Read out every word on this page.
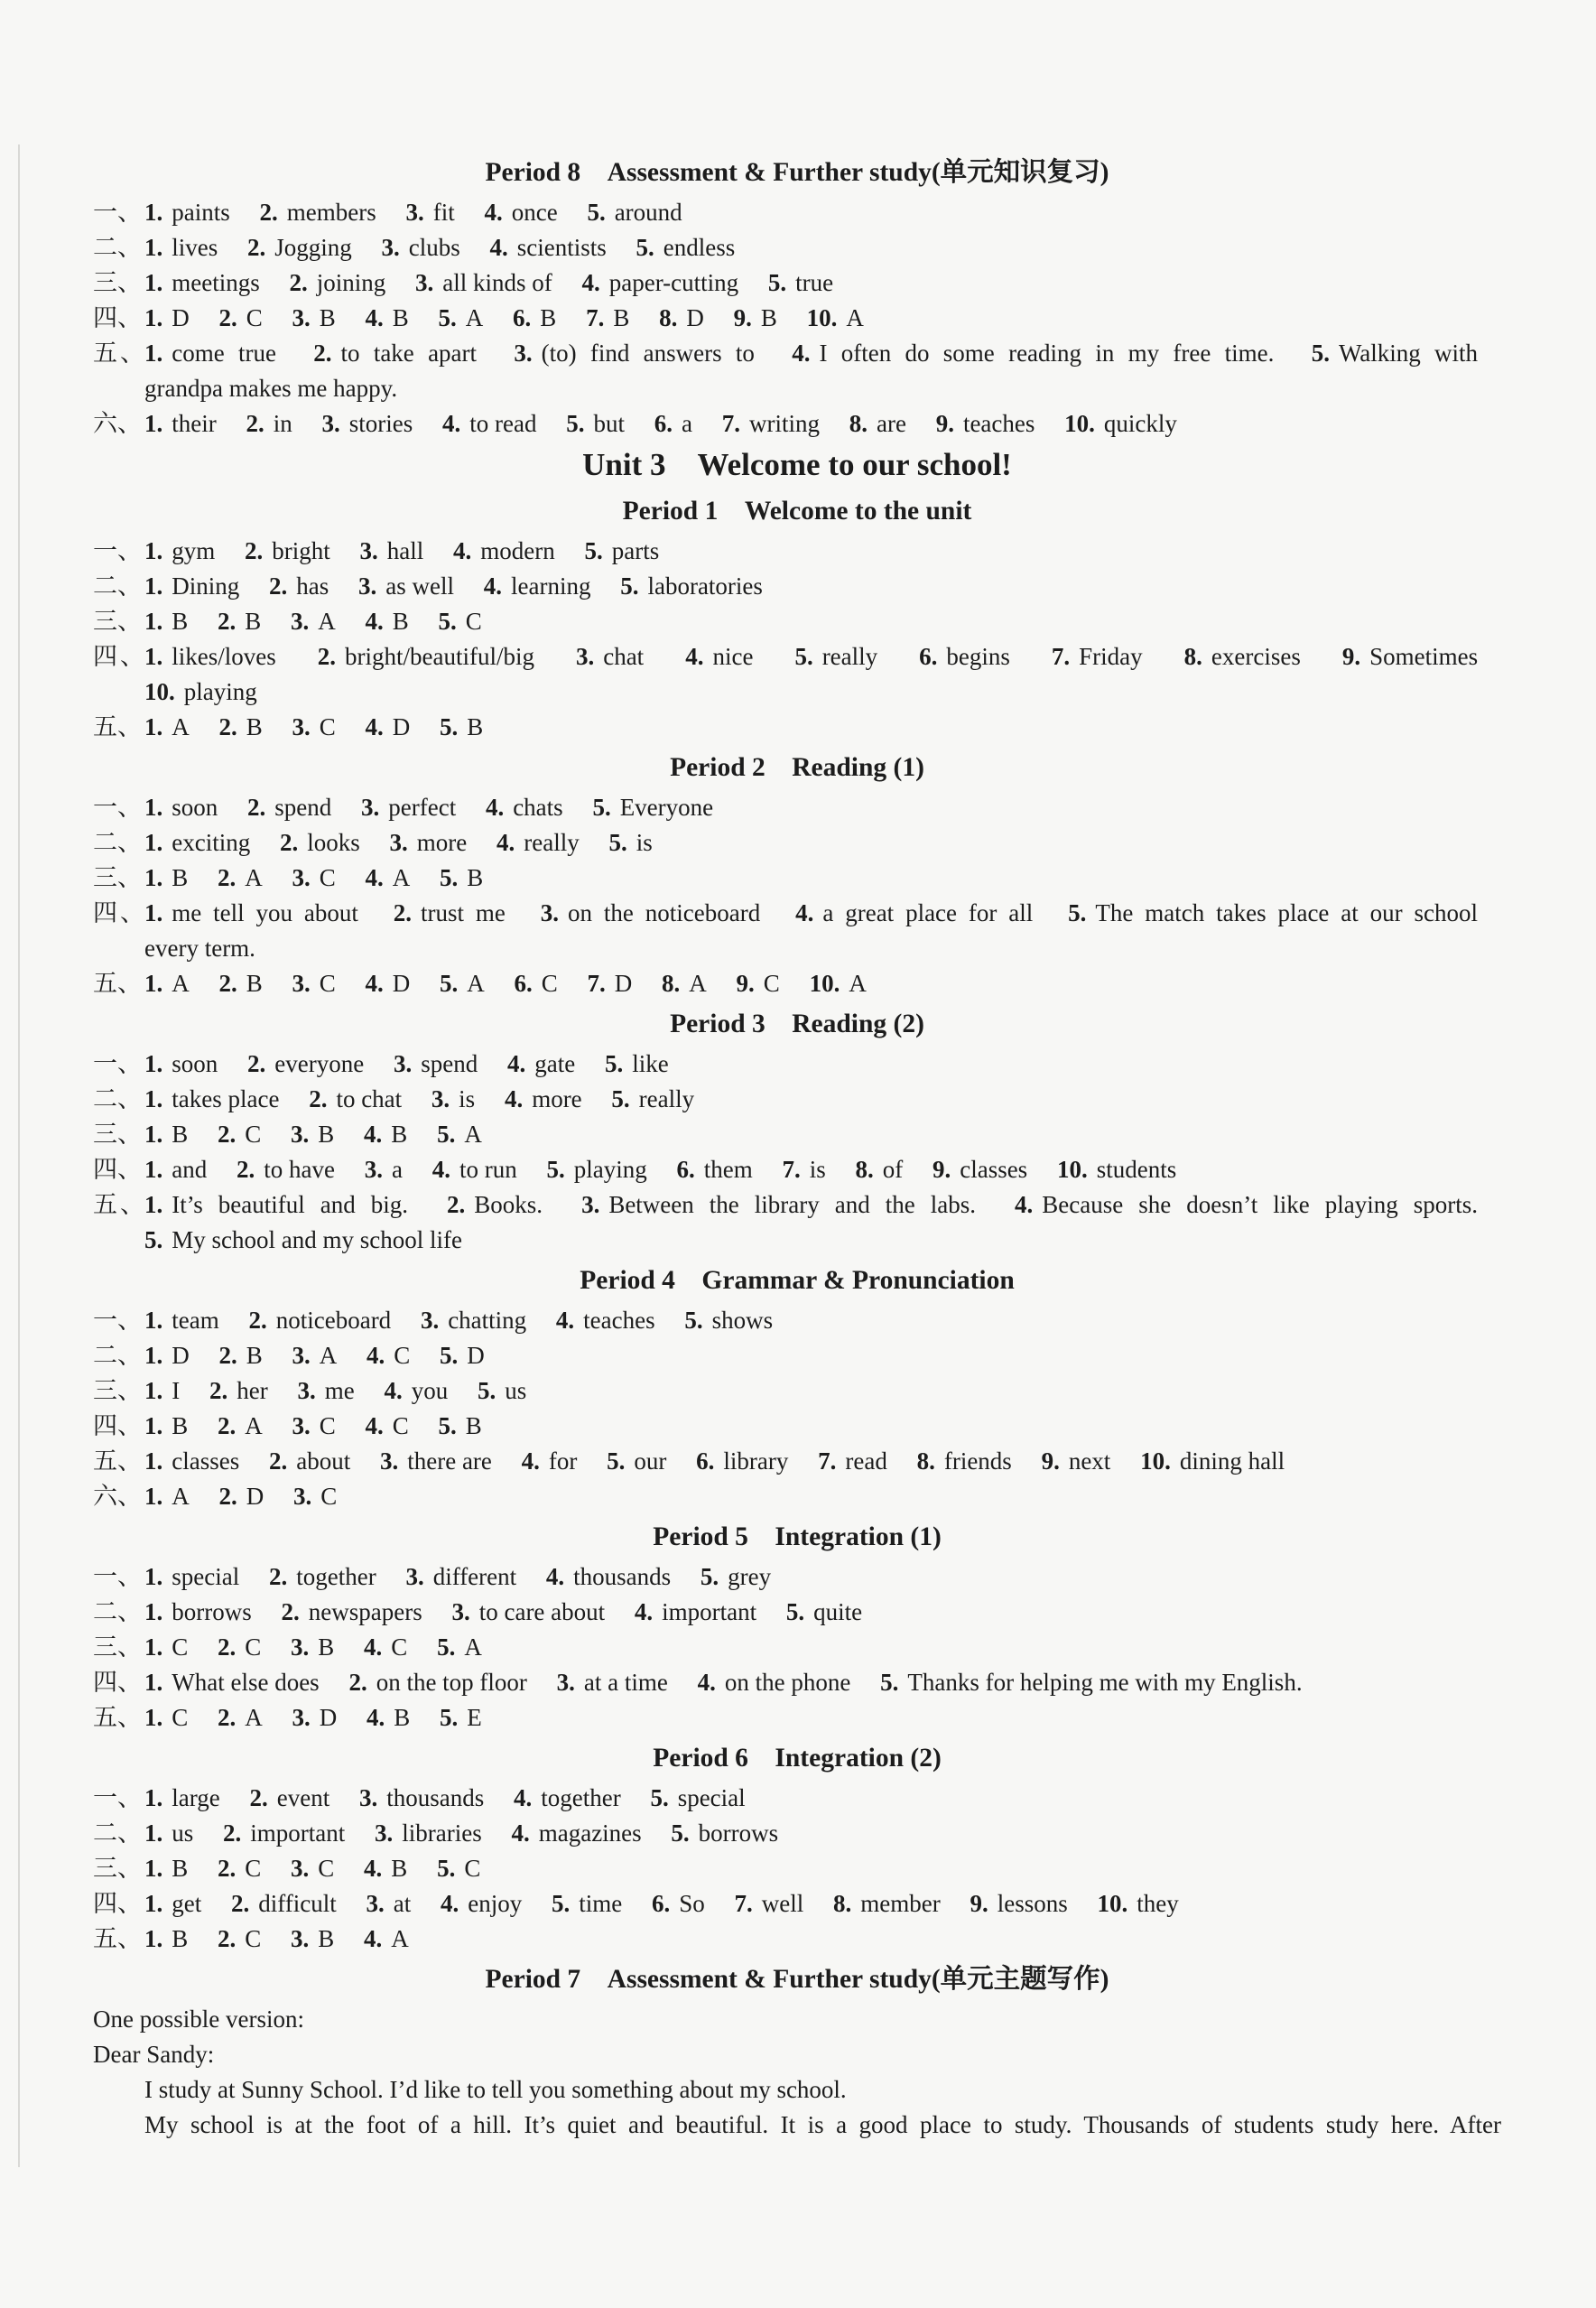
Period 8　Assessment & Further study(单元知识复习)
一、 1. paints 2. members 3. fit 4. once 5. around
二、 1. lives 2. Jogging 3. clubs 4. scientists 5. endless
三、 1. meetings 2. joining 3. all kinds of 4. paper-cutting 5. true
四、 1. D 2. C 3. B 4. B 5. A 6. B 7. B 8. D 9. B 10. A
五、1. come true 2. to take apart 3. (to) find answers to 4. I often do some reading in my free time. 5. Walking with
grandpa makes me happy.
六、 1. their 2. in 3. stories 4. to read 5. but 6. a 7. writing 8. are 9. teaches 10. quickly
Unit 3　Welcome to our school!
Period 1　Welcome to the unit
一、 1. gym 2. bright 3. hall 4. modern 5. parts
二、 1. Dining 2. has 3. as well 4. learning 5. laboratories
三、 1. B 2. B 3. A 4. B 5. C
四、1. likes/loves 2. bright/beautiful/big 3. chat 4. nice 5. really 6. begins 7. Friday 8. exercises 9. Sometimes
10. playing
五、 1. A 2. B 3. C 4. D 5. B
Period 2　Reading (1)
一、 1. soon 2. spend 3. perfect 4. chats 5. Everyone
二、 1. exciting 2. looks 3. more 4. really 5. is
三、 1. B 2. A 3. C 4. A 5. B
四、1. me tell you about 2. trust me 3. on the noticeboard 4. a great place for all 5. The match takes place at our school
every term.
五、 1. A 2. B 3. C 4. D 5. A 6. C 7. D 8. A 9. C 10. A
Period 3　Reading (2)
一、 1. soon 2. everyone 3. spend 4. gate 5. like
二、 1. takes place 2. to chat 3. is 4. more 5. really
三、 1. B 2. C 3. B 4. B 5. A
四、 1. and 2. to have 3. a 4. to run 5. playing 6. them 7. is 8. of 9. classes 10. students
五、1. It’s beautiful and big. 2. Books. 3. Between the library and the labs. 4. Because she doesn’t like playing sports.
5. My school and my school life
Period 4　Grammar & Pronunciation
一、 1. team 2. noticeboard 3. chatting 4. teaches 5. shows
二、 1. D 2. B 3. A 4. C 5. D
三、 1. I 2. her 3. me 4. you 5. us
四、 1. B 2. A 3. C 4. C 5. B
五、 1. classes 2. about 3. there are 4. for 5. our 6. library 7. read 8. friends 9. next 10. dining hall
六、 1. A 2. D 3. C
Period 5　Integration (1)
一、 1. special 2. together 3. different 4. thousands 5. grey
二、 1. borrows 2. newspapers 3. to care about 4. important 5. quite
三、 1. C 2. C 3. B 4. C 5. A
四、 1. What else does 2. on the top floor 3. at a time 4. on the phone 5. Thanks for helping me with my English.
五、 1. C 2. A 3. D 4. B 5. E
Period 6　Integration (2)
一、 1. large 2. event 3. thousands 4. together 5. special
二、 1. us 2. important 3. libraries 4. magazines 5. borrows
三、 1. B 2. C 3. C 4. B 5. C
四、 1. get 2. difficult 3. at 4. enjoy 5. time 6. So 7. well 8. member 9. lessons 10. they
五、 1. B 2. C 3. B 4. A
Period 7　Assessment & Further study(单元主题写作)
One possible version:
Dear Sandy:
I study at Sunny School. I’d like to tell you something about my school.
My school is at the foot of a hill. It’s quiet and beautiful. It is a good place to study. Thousands of students study here. After
